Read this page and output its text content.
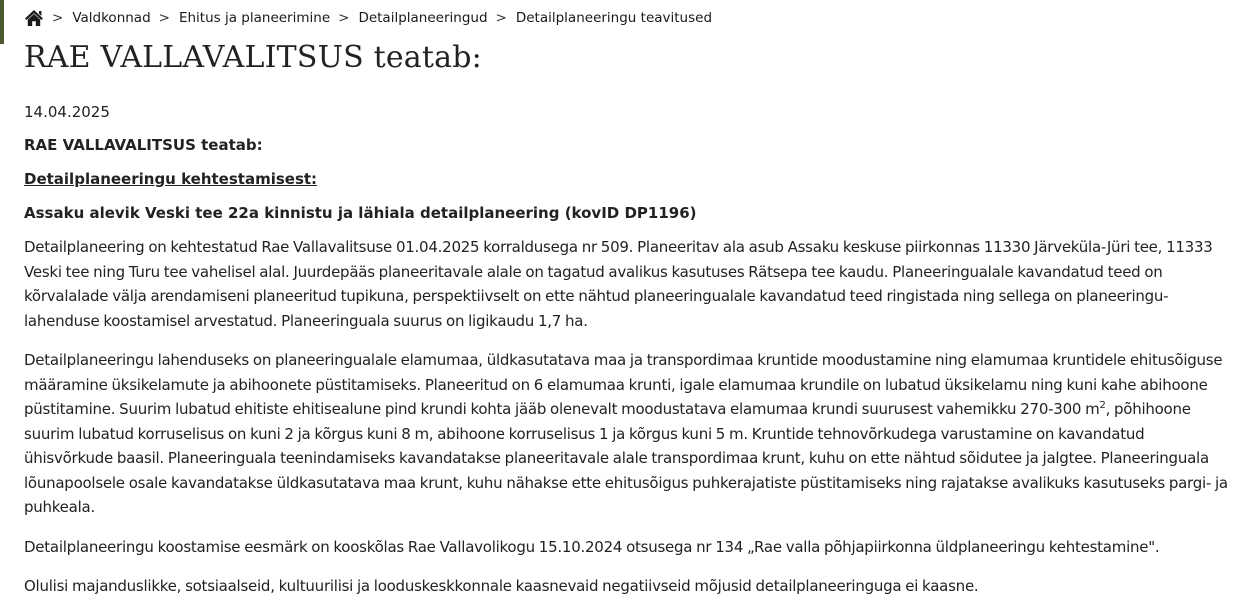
> Valdkonnad > Ehitus ja planeerimine > Detailplaneeringud > Detailplaneeringu teavitused
RAE VALLAVALITSUS teatab:
14.04.2025

RAE VALLAVALITSUS teatab:

Detailplaneeringu kehtestamisest:

Assaku alevik Veski tee 22a kinnistu ja lähiala detailplaneering (kovID DP1196)

Detailplaneering on kehtestatud Rae Vallavalitsuse 01.04.2025 korraldusega nr 509. Planeeritav ala asub Assaku keskuse piirkonnas 11330 Järveküla-Jüri tee, 11333 Veski tee ning Turu tee vahelisel alal. Juurdepääs planeeritavale alale on tagatud avalikus kasutuses Rätsepa tee kaudu. Planeeringualale kavandatud teed on kõrvalalade välja arendamiseni planeeritud tupikuna, perspektiivselt on ette nähtud planeeringualale kavandatud teed ringistada ning sellega on planeeringulahenduse koostamisel arvestatud. Planeeringuala suurus on ligikaudu 1,7 ha.

Detailplaneeringu lahenduseks on planeeringualale elamumaa, üldkasutatava maa ja transpordimaa kruntide moodustamine ning elamumaa kruntidele ehitusõiguse määramine üksikelamute ja abihoonete püstitamiseks. Planeeritud on 6 elamumaa krunti, igale elamumaa krundile on lubatud üksikelamu ning kuni kahe abihoone püstitamine. Suurim lubatud ehitiste ehitisealune pind krundi kohta jääb olenevalt moodustatava elamumaa krundi suurusest vahemikku 270-300 $m^2$, põhihoone suurim lubatud korruselisus on kuni 2 ja kõrgus kuni 8 m, abihoone korruselisus 1 ja kõrgus kuni 5 m. Kruntide tehnovõrkudega varustamine on kavandatud ühisvõrkude baasil. Planeeringuala teenindamiseks kavandatakse planeeritavale alale transpordimaa krunt, kuhu on ette nähtud sõidutee ja jalgtee. Planeeringuala lõunapoolsele osale kavandatakse üldkasutatava maa krunt, kuhu nähakse ette ehitusõigus puhkerajatiste püstitamiseks ning rajatakse avalikuks kasutuseks pargi- ja puhkeala.

Detailplaneeringu koostamise eesmärk on kooskõlas Rae Vallavolikogu 15.10.2024 otsusega nr 134 „Rae valla põhjapiirkonna üldplaneeringu kehtestamine".

Olulisi majanduslikke, sotsiaalseid, kultuurilisi ja looduskeskkonnale kaasnevaid negatiivseid mõjusid detailplaneeringuga ei kaasne.
